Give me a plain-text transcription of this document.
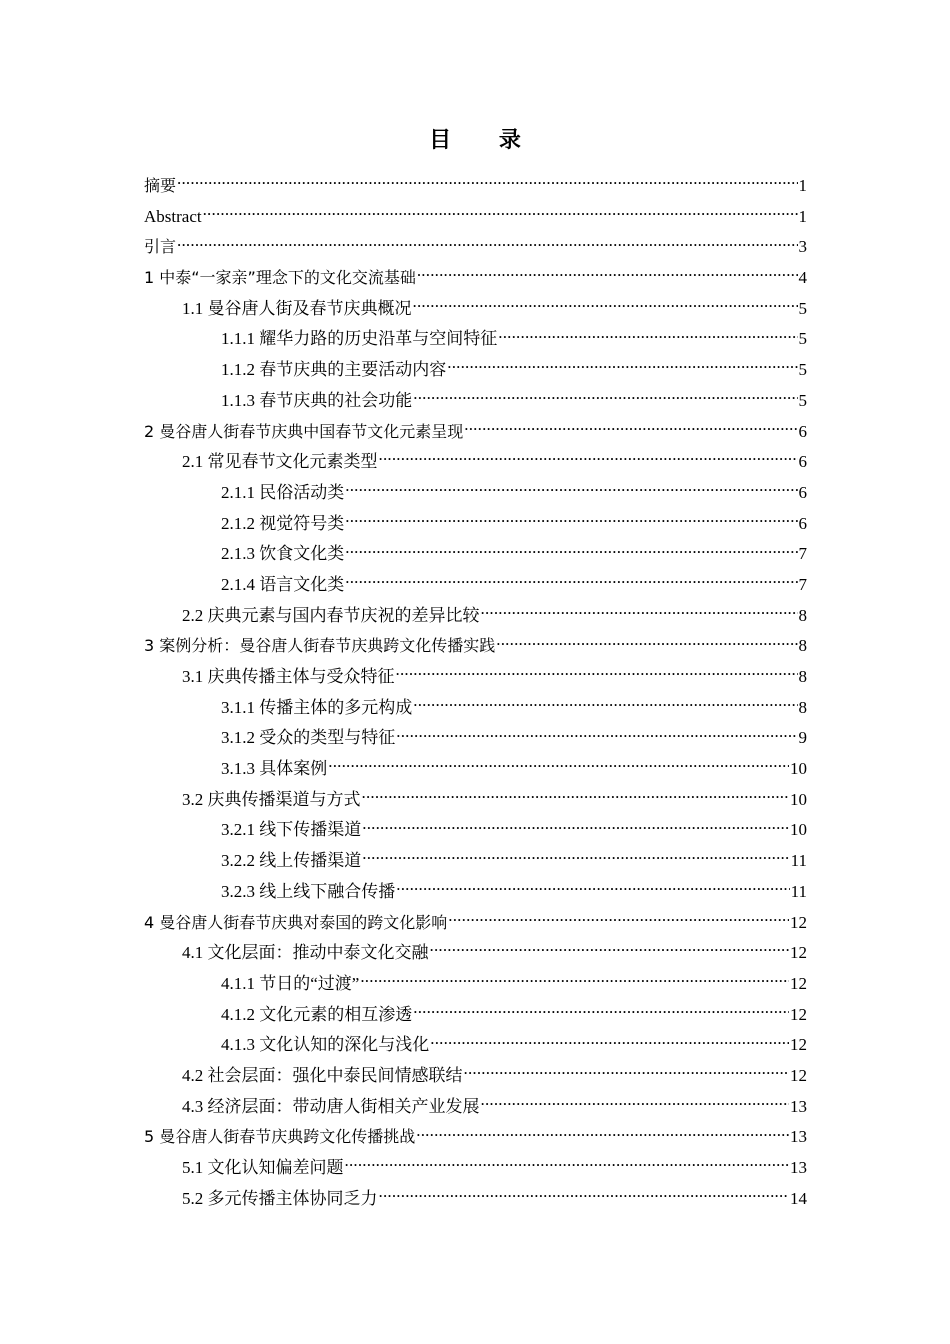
目 录
摘要 .....	1
Abstract .....	1
引言 .....	3
1 中泰“一家亲”理念下的文化交流基础 .....	4
1.1 曼谷唐人街及春节庆典概况 .....	5
1.1.1 耀华力路的历史沿革与空间特征 .....	5
1.1.2 春节庆典的主要活动内容 .....	5
1.1.3 春节庆典的社会功能 .....	5
2 曼谷唐人街春节庆典中国春节文化元素呈现 .....	6
2.1 常见春节文化元素类型 .....	6
2.1.1 民俗活动类 .....	6
2.1.2 视觉符号类 .....	6
2.1.3 饮食文化类 .....	7
2.1.4 语言文化类 .....	7
2.2 庆典元素与国内春节庆祝的差异比较 .....	8
3 案例分析：曼谷唐人街春节庆典跨文化传播实践 .....	8
3.1 庆典传播主体与受众特征 .....	8
3.1.1 传播主体的多元构成 .....	8
3.1.2 受众的类型与特征 .....	9
3.1.3 具体案例 .....	10
3.2 庆典传播渠道与方式 .....	10
3.2.1 线下传播渠道 .....	10
3.2.2 线上传播渠道 .....	11
3.2.3 线上线下融合传播 .....	11
4 曼谷唐人街春节庆典对泰国的跨文化影响 .....	12
4.1 文化层面：推动中泰文化交融 .....	12
4.1.1 节日的“过渡” .....	12
4.1.2 文化元素的相互渗透 .....	12
4.1.3 文化认知的深化与浅化 .....	12
4.2 社会层面：强化中泰民间情感联结 .....	12
4.3 经济层面：带动唐人街相关产业发展 .....	13
5 曼谷唐人街春节庆典跨文化传播挑战 .....	13
5.1 文化认知偏差问题 .....	13
5.2 多元传播主体协同乏力 .....	14
